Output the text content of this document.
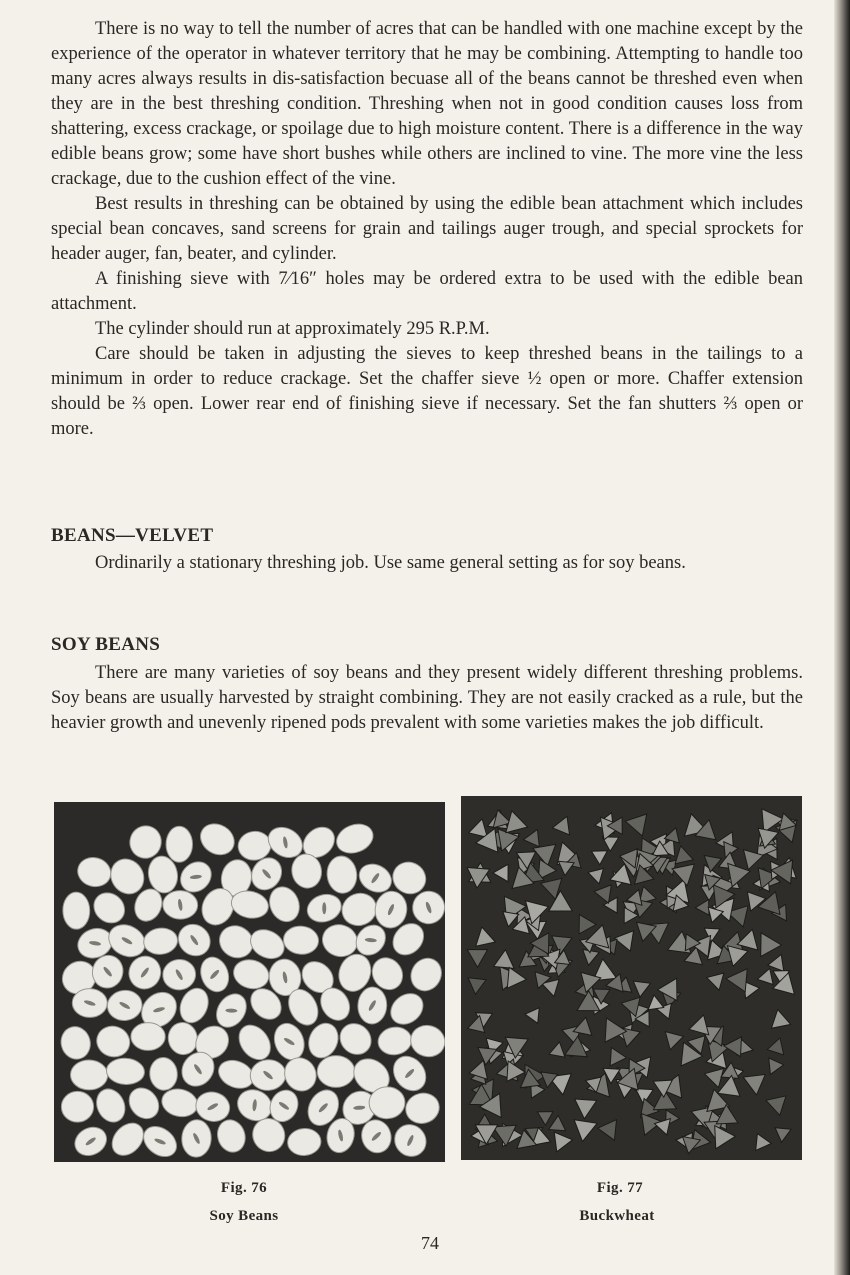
There is no way to tell the number of acres that can be handled with one machine except by the experience of the operator in whatever territory that he may be combining. Attempting to handle too many acres always results in dis-satisfaction becuase all of the beans cannot be threshed even when they are in the best threshing condition. Threshing when not in good condition causes loss from shattering, excess crackage, or spoilage due to high moisture content. There is a difference in the way edible beans grow; some have short bushes while others are inclined to vine. The more vine the less crackage, due to the cushion effect of the vine.

Best results in threshing can be obtained by using the edible bean attachment which includes special bean concaves, sand screens for grain and tailings auger trough, and special sprockets for header auger, fan, beater, and cylinder.

A finishing sieve with 7⁄16″ holes may be ordered extra to be used with the edible bean attachment.

The cylinder should run at approximately 295 R.P.M.

Care should be taken in adjusting the sieves to keep threshed beans in the tailings to a minimum in order to reduce crackage. Set the chaffer sieve ½ open or more. Chaffer extension should be ⅔ open. Lower rear end of finishing sieve if necessary. Set the fan shutters ⅔ open or more.

BEANS—VELVET

Ordinarily a stationary threshing job. Use same general setting as for soy beans.

SOY BEANS

There are many varieties of soy beans and they present widely different threshing problems. Soy beans are usually harvested by straight combining. They are not easily cracked as a rule, but the heavier growth and unevenly ripened pods prevalent with some varieties makes the job difficult.

Fig. 76
Soy Beans
Fig. 77
Buckwheat
74
